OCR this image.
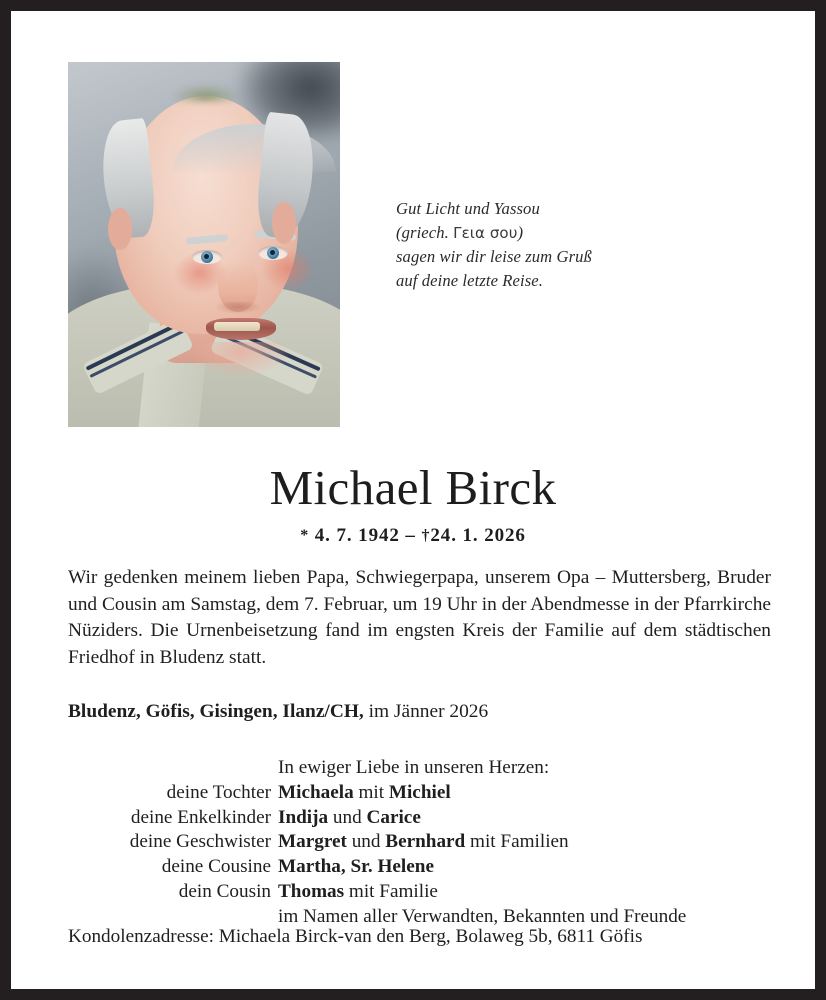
Gut Licht und Yassou
(griech. Γεια σου)
sagen wir dir leise zum Gruß
auf deine letzte Reise.
Michael Birck
* 4. 7. 1942 – †24. 1. 2026
Wir gedenken meinem lieben Papa, Schwiegerpapa, unserem Opa – Muttersberg, Bruder und Cousin am Samstag, dem 7. Februar, um 19 Uhr in der Abendmesse in der Pfarrkirche Nüziders. Die Urnenbeisetzung fand im engsten Kreis der Familie auf dem städtischen Friedhof in Bludenz statt.
Bludenz, Göfis, Gisingen, Ilanz/CH, im Jänner 2026
In ewiger Liebe in unseren Herzen:
deine Tochter Michaela mit Michiel
deine Enkelkinder Indija und Carice
deine Geschwister Margret und Bernhard mit Familien
deine Cousine Martha, Sr. Helene
dein Cousin Thomas mit Familie
im Namen aller Verwandten, Bekannten und Freunde
Kondolenzadresse: Michaela Birck-van den Berg, Bolaweg 5b, 6811 Göfis
